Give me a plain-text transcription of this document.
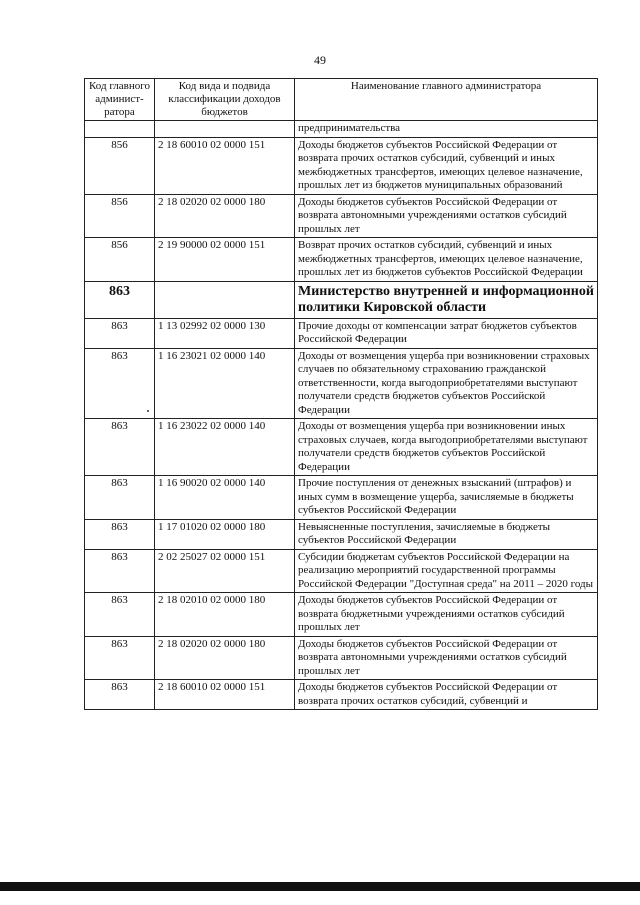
49
Код главного админист-ратора	Код вида и подвида классификации доходов бюджетов	Наименование главного администратора
		предпринимательства
856	2 18 60010 02 0000 151	Доходы бюджетов субъектов Российской Федерации от возврата прочих остатков субсидий, субвенций и иных межбюджетных трансфертов, имеющих целевое назначение, прошлых лет из бюджетов муниципальных образований
856	2 18 02020 02 0000 180	Доходы бюджетов субъектов Российской Федерации от возврата автономными учреждениями остатков субсидий прошлых лет
856	2 19 90000 02 0000 151	Возврат прочих остатков субсидий, субвенций и иных межбюджетных трансфертов, имеющих целевое назначение, прошлых лет из бюджетов субъектов Российской Федерации
863		Министерство внутренней и информационной политики Кировской области
863	1 13 02992 02 0000 130	Прочие доходы от компенсации затрат бюджетов субъектов Российской Федерации
863	1 16 23021 02 0000 140	Доходы от возмещения ущерба при возникновении страховых случаев по обязательному страхованию гражданской ответственности, когда выгодоприобретателями выступают получатели средств бюджетов субъектов Российской Федерации
863	1 16 23022 02 0000 140	Доходы от возмещения ущерба при возникновении иных страховых случаев, когда выгодоприобретателями выступают получатели средств бюджетов субъектов Российской Федерации
863	1 16 90020 02 0000 140	Прочие поступления от денежных взысканий (штрафов) и иных сумм в возмещение ущерба, зачисляемые в бюджеты субъектов Российской Федерации
863	1 17 01020 02 0000 180	Невыясненные поступления, зачисляемые в бюджеты субъектов Российской Федерации
863	2 02 25027 02 0000 151	Субсидии бюджетам субъектов Российской Федерации на реализацию мероприятий государственной программы Российской Федерации "Доступная среда" на 2011 – 2020 годы
863	2 18 02010 02 0000 180	Доходы бюджетов субъектов Российской Федерации от возврата бюджетными учреждениями остатков субсидий прошлых лет
863	2 18 02020 02 0000 180	Доходы бюджетов субъектов Российской Федерации от возврата автономными учреждениями остатков субсидий прошлых лет
863	2 18 60010 02 0000 151	Доходы бюджетов субъектов Российской Федерации от возврата прочих остатков субсидий, субвенций и
